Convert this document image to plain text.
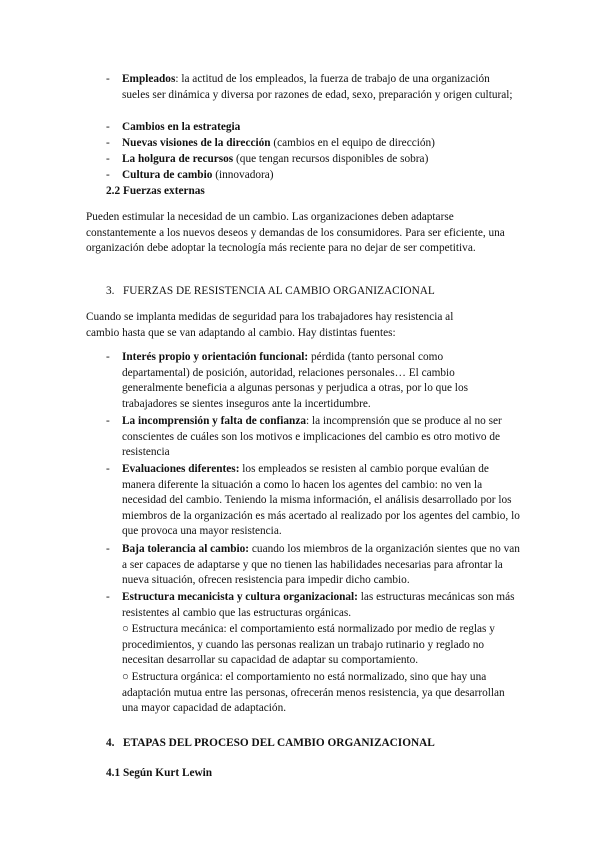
- Empleados: la actitud de los empleados, la fuerza de trabajo de una organización sueles ser dinámica y diversa por razones de edad, sexo, preparación y origen cultural;
- Cambios en la estrategia
- Nuevas visiones de la dirección (cambios en el equipo de dirección)
- La holgura de recursos (que tengan recursos disponibles de sobra)
- Cultura de cambio (innovadora)
2.2 Fuerzas externas
Pueden estimular la necesidad de un cambio. Las organizaciones deben adaptarse constantemente a los nuevos deseos y demandas de los consumidores. Para ser eficiente, una organización debe adoptar la tecnología más reciente para no dejar de ser competitiva.
3. FUERZAS DE RESISTENCIA AL CAMBIO ORGANIZACIONAL
Cuando se implanta medidas de seguridad para los trabajadores hay resistencia al cambio hasta que se van adaptando al cambio. Hay distintas fuentes:
- Interés propio y orientación funcional: pérdida (tanto personal como departamental) de posición, autoridad, relaciones personales… El cambio generalmente beneficia a algunas personas y perjudica a otras, por lo que los trabajadores se sientes inseguros ante la incertidumbre.
- La incomprensión y falta de confianza: la incomprensión que se produce al no ser conscientes de cuáles son los motivos e implicaciones del cambio es otro motivo de resistencia
- Evaluaciones diferentes: los empleados se resisten al cambio porque evalúan de manera diferente la situación a como lo hacen los agentes del cambio: no ven la necesidad del cambio. Teniendo la misma información, el análisis desarrollado por los miembros de la organización es más acertado al realizado por los agentes del cambio, lo que provoca una mayor resistencia.
- Baja tolerancia al cambio: cuando los miembros de la organización sientes que no van a ser capaces de adaptarse y que no tienen las habilidades necesarias para afrontar la nueva situación, ofrecen resistencia para impedir dicho cambio.
- Estructura mecanicista y cultura organizacional: las estructuras mecánicas son más resistentes al cambio que las estructuras orgánicas.
○ Estructura mecánica: el comportamiento está normalizado por medio de reglas y procedimientos, y cuando las personas realizan un trabajo rutinario y reglado no necesitan desarrollar su capacidad de adaptar su comportamiento.
○ Estructura orgánica: el comportamiento no está normalizado, sino que hay una adaptación mutua entre las personas, ofrecerán menos resistencia, ya que desarrollan una mayor capacidad de adaptación.
4. ETAPAS DEL PROCESO DEL CAMBIO ORGANIZACIONAL
4.1 Según Kurt Lewin
